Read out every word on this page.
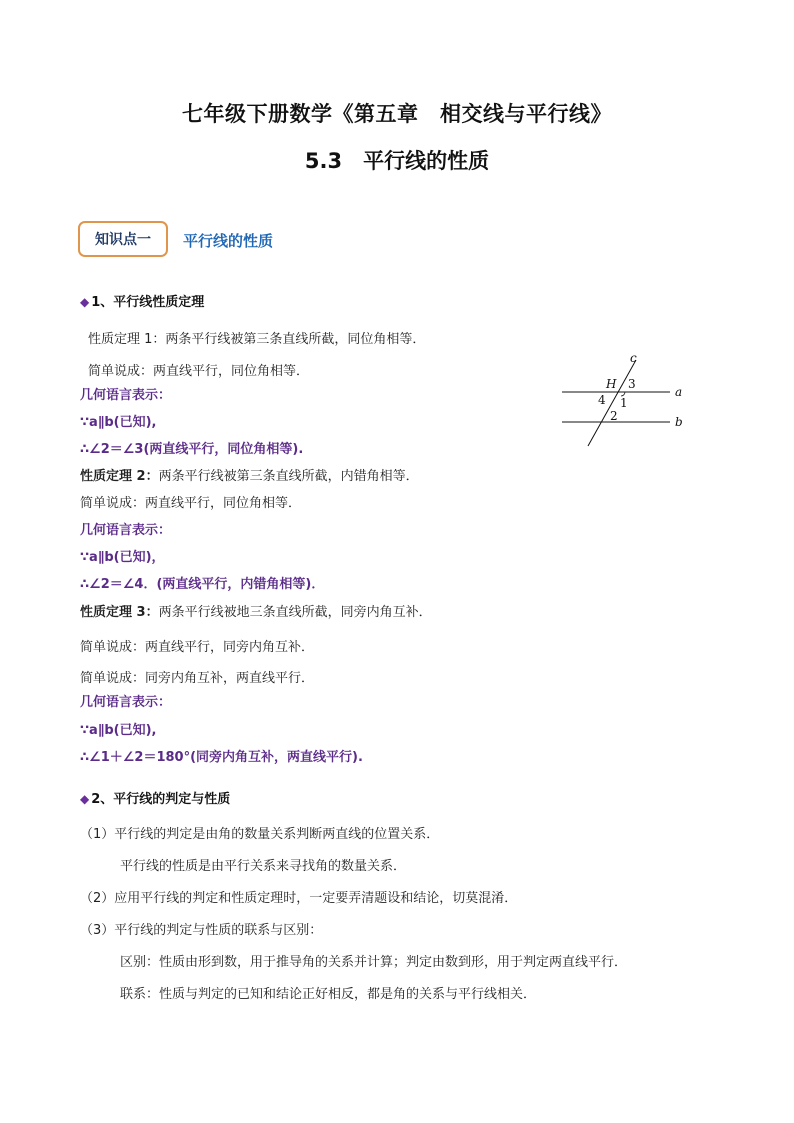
七年级下册数学《第五章　相交线与平行线》
5.3　平行线的性质
知识点一	平行线的性质
◆ 1、平行线性质定理
性质定理 1：两条平行线被第三条直线所截，同位角相等．
简单说成：两直线平行，同位角相等．
几何语言表示：
∵a∥b(已知),
∴∠2＝∠3(两直线平行，同位角相等).
性质定理 2：两条平行线被第三条直线所截，内错角相等．
简单说成：两直线平行，同位角相等．
几何语言表示：
∵a∥b(已知)，
∴∠2＝∠4．(两直线平行，内错角相等)．
性质定理 3：两条平行线被地三条直线所截，同旁内角互补．
简单说成：两直线平行，同旁内角互补．
简单说成：同旁内角互补，两直线平行．
几何语言表示：
∵a∥b(已知),
∴∠1＋∠2＝180°(同旁内角互补，两直线平行).
c
H 3
4 1
2
a
b
◆ 2、平行线的判定与性质
（1）平行线的判定是由角的数量关系判断两直线的位置关系．
平行线的性质是由平行关系来寻找角的数量关系．
（2）应用平行线的判定和性质定理时，一定要弄清题设和结论，切莫混淆．
（3）平行线的判定与性质的联系与区别：
区别：性质由形到数，用于推导角的关系并计算；判定由数到形，用于判定两直线平行．
联系：性质与判定的已知和结论正好相反，都是角的关系与平行线相关．
